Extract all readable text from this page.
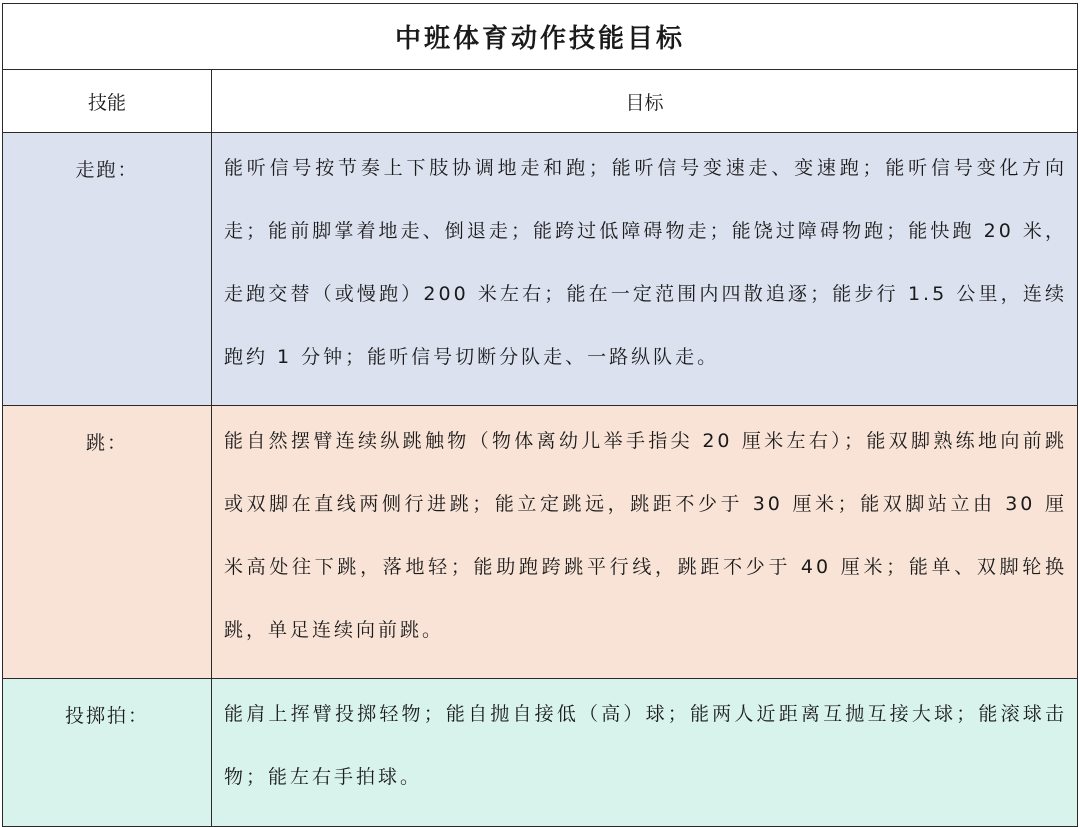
中班体育动作技能目标	
技能	目标
走跑：	能听信号按节奏上下肢协调地走和跑；能听信号变速走、变速跑；能听信号变化方向走；能前脚掌着地走、倒退走；能跨过低障碍物走；能饶过障碍物跑；能快跑 20 米，走跑交替（或慢跑）200 米左右；能在一定范围内四散追逐；能步行 1.5 公里，连续跑约 1 分钟；能听信号切断分队走、一路纵队走。
跳：	能自然摆臂连续纵跳触物（物体离幼儿举手指尖 20 厘米左右）；能双脚熟练地向前跳或双脚在直线两侧行进跳；能立定跳远，跳距不少于 30 厘米；能双脚站立由 30 厘米高处往下跳，落地轻；能助跑跨跳平行线，跳距不少于 40 厘米；能单、双脚轮换跳，单足连续向前跳。
投掷拍：	能肩上挥臂投掷轻物；能自抛自接低（高）球；能两人近距离互抛互接大球；能滚球击物；能左右手拍球。
